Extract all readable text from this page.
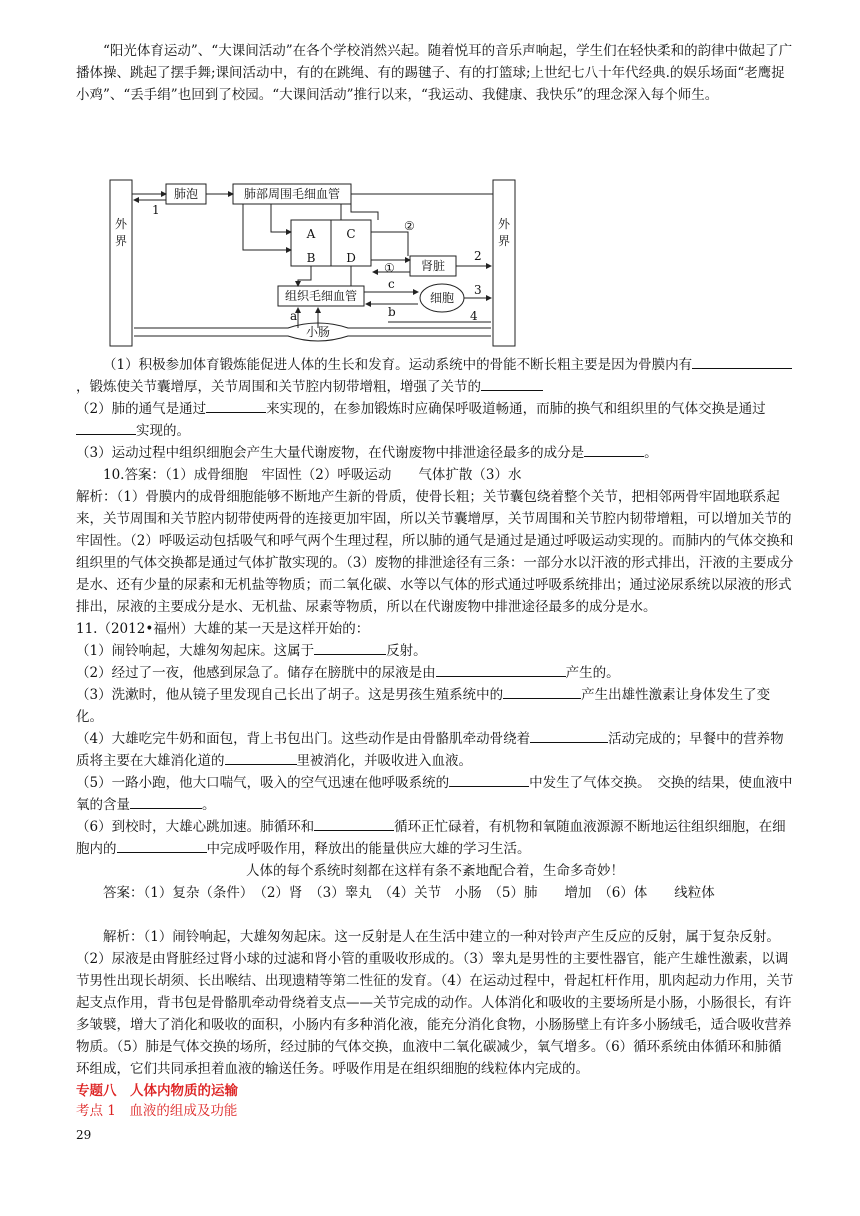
“阳光体育运动”、“大课间活动”在各个学校消然兴起。随着悦耳的音乐声响起，学生们在轻快柔和的韵律中做起了广播体操、跳起了摆手舞;课间活动中，有的在跳绳、有的踢毽子、有的打篮球;上世纪七八十年代经典.的娱乐场面“老鹰捉小鸡”、“丢手绢”也回到了校园。“大课间活动”推行以来，“我运动、我健康、我快乐”的理念深入每个师生。

外界
外界
肺泡	肺部周围毛细血管
A
B
C
D
肾脏
组织毛细血管	细胞
小肠
1
2
3
4
①
②
a	b
c

（1）积极参加体育锻炼能促进人体的生长和发育。运动系统中的骨能不断长粗主要是因为骨膜内有，锻炼使关节囊增厚，关节周围和关节腔内韧带增粗，增强了关节的

（2）肺的通气是通过	来实现的，在参加锻炼时应确保呼吸道畅通，而肺的换气和组织里的气体交换是通过实现的。

（3）运动过程中组织细胞会产生大量代谢废物，在代谢废物中排泄途径最多的成分是	。

10.答案：（1）成骨细胞　牢固性（2）呼吸运动　　气体扩散（3）水

解析：（1）骨膜内的成骨细胞能够不断地产生新的骨质，使骨长粗；关节囊包绕着整个关节，把相邻两骨牢固地联系起来，关节周围和关节腔内韧带使两骨的连接更加牢固，所以关节囊增厚，关节周围和关节腔内韧带增粗，可以增加关节的牢固性。（2）呼吸运动包括吸气和呼气两个生理过程，所以肺的通气是通过是通过呼吸运动实现的。而肺内的气体交换和组织里的气体交换都是通过气体扩散实现的。（3）废物的排泄途径有三条：一部分水以汗液的形式排出，汗液的主要成分是水、还有少量的尿素和无机盐等物质；而二氧化碳、水等以气体的形式通过呼吸系统排出；通过泌尿系统以尿液的形式排出，尿液的主要成分是水、无机盐、尿素等物质，所以在代谢废物中排泄途径最多的成分是水。

11.（2012•福州）大雄的某一天是这样开始的：

（1）闹铃响起，大雄匆匆起床。这属于	反射。

（2）经过了一夜，他感到尿急了。储存在膀胱中的尿液是由	产生的。

（3）洗漱时，他从镜子里发现自己长出了胡子。这是男孩生殖系统中的	产生出雄性激素让身体发生了变化。

（4）大雄吃完牛奶和面包，背上书包出门。这些动作是由骨骼肌牵动骨绕着	活动完成的；早餐中的营养物质将主要在大雄消化道的	里被消化，并吸收进入血液。

（5）一路小跑，他大口喘气，吸入的空气迅速在他呼吸系统的	中发生了气体交换。　交换的结果，使血液中氧的含量	。

（6）到校时，大雄心跳加速。肺循环和	循环正忙碌着，有机物和氧随血液源源不断地运往组织细胞，在细胞内的	中完成呼吸作用，释放出的能量供应大雄的学习生活。

人体的每个系统时刻都在这样有条不紊地配合着，生命多奇妙！

答案：（1）复杂（条件）　（2）肾　（3）睾丸　（4）关节　小肠　（5）肺　　增加　（6）体　　线粒体

解析：（1）闹铃响起，大雄匆匆起床。这一反射是人在生活中建立的一种对铃声产生反应的反射，属于复杂反射。（2）尿液是由肾脏经过肾小球的过滤和肾小管的重吸收形成的。（3）睾丸是男性的主要性器官，能产生雄性激素，以调节男性出现长胡须、长出喉结、出现遗精等第二性征的发育。（4）在运动过程中，骨起杠杆作用，肌肉起动力作用，关节起支点作用，背书包是骨骼肌牵动骨绕着支点——关节完成的动作。人体消化和吸收的主要场所是小肠，小肠很长，有许多皱襞，增大了消化和吸收的面积，小肠内有多种消化液，能充分消化食物，小肠肠壁上有许多小肠绒毛，适合吸收营养物质。（5）肺是气体交换的场所，经过肺的气体交换，血液中二氧化碳减少，氧气增多。（6）循环系统由体循环和肺循环组成，它们共同承担着血液的输送任务。呼吸作用是在组织细胞的线粒体内完成的。

专题八　人体内物质的运输

考点 1　血液的组成及功能

29
